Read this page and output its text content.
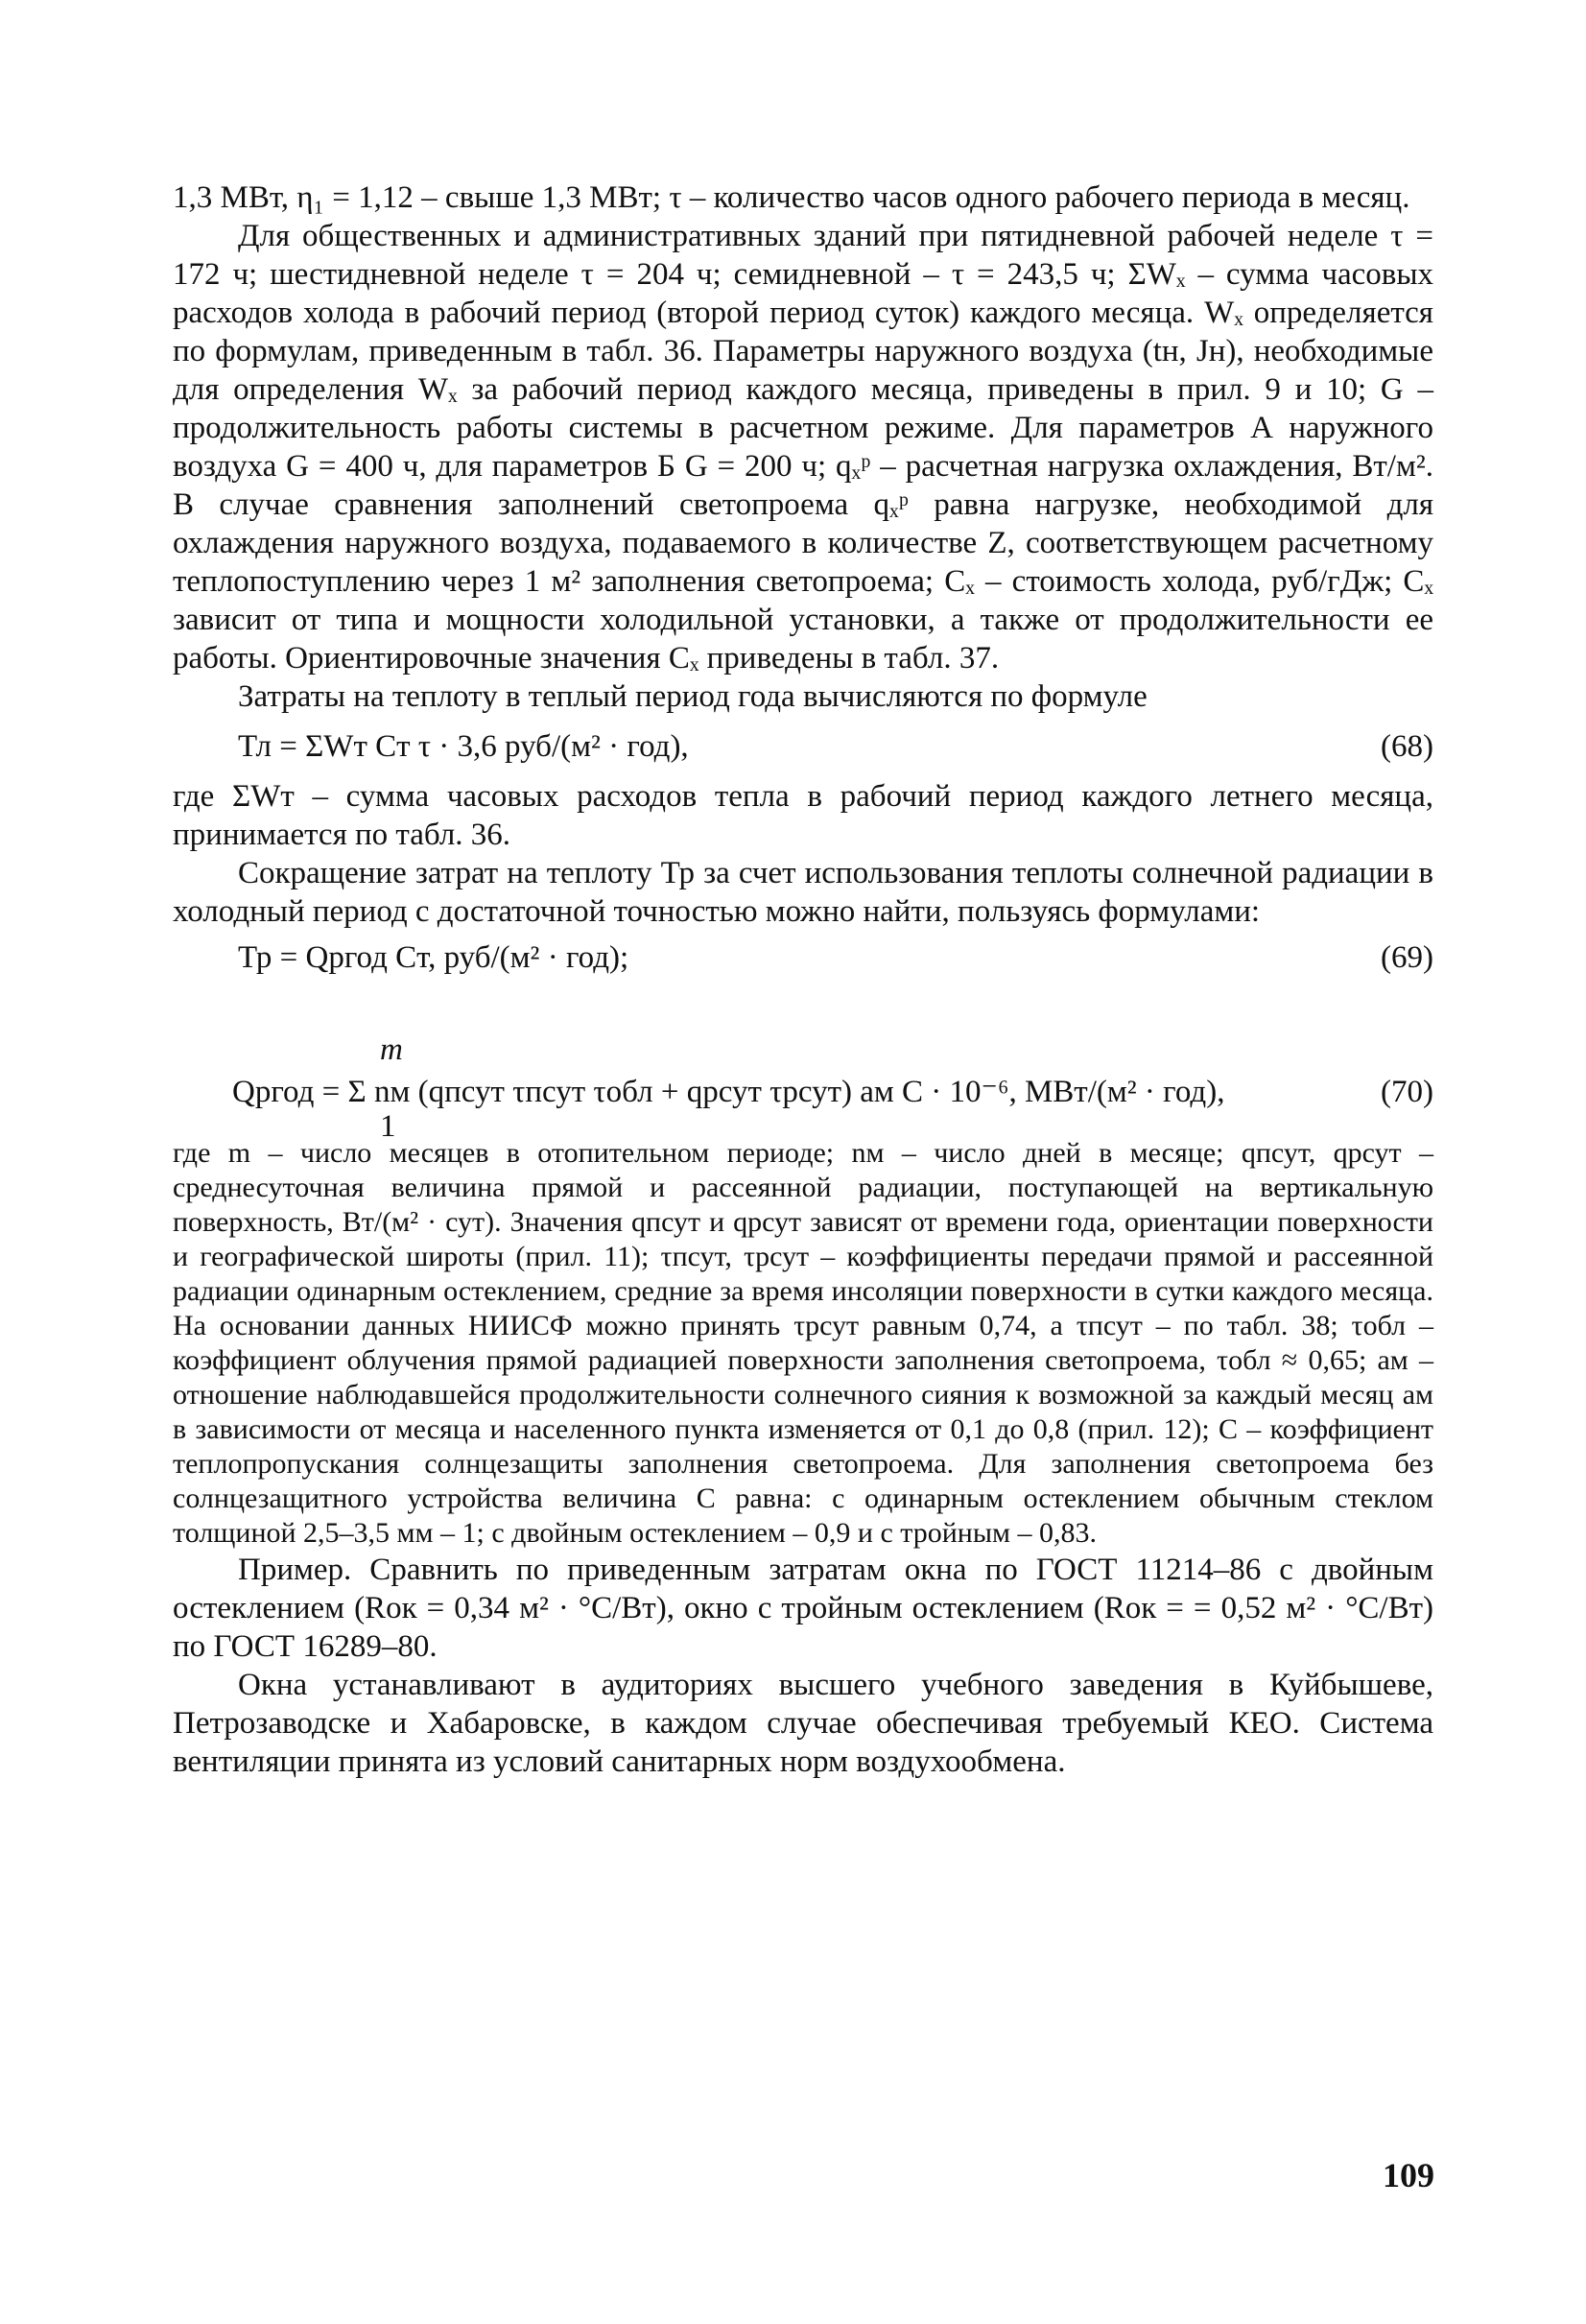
1,3 МВт, η₁ = 1,12 – свыше 1,3 МВт; τ – количество часов одного рабочего периода в месяц.

Для общественных и административных зданий при пятидневной рабочей неделе τ = 172 ч; шестидневной неделе τ = 204 ч; семидневной – τ = 243,5 ч; ΣWₓ – сумма часовых расходов холода в рабочий период (второй период суток) каждого месяца. Wₓ определяется по формулам, приведенным в табл. 36. Параметры наружного воздуха (tн, Jн), необходимые для определения Wₓ за рабочий период каждого месяца, приведены в прил. 9 и 10; G – продолжительность работы системы в расчетном режиме. Для параметров А наружного воздуха G = 400 ч, для параметров Б G = 200 ч; qₓᵖ – расчетная нагрузка охлаждения, Вт/м². В случае сравнения заполнений светопроема qₓᵖ равна нагрузке, необходимой для охлаждения наружного воздуха, подаваемого в количестве Z, соответствующем расчетному теплопоступлению через 1 м² заполнения светопроема; Cₓ – стоимость холода, руб/гДж; Cₓ зависит от типа и мощности холодильной установки, а также от продолжительности ее работы. Ориентировочные значения Cₓ приведены в табл. 37.

Затраты на теплоту в теплый период года вычисляются по формуле

Тл = ΣWт Cт τ · 3,6 руб/(м² · год),	(68)

где ΣWт – сумма часовых расходов тепла в рабочий период каждого летнего месяца, принимается по табл. 36.

Сокращение затрат на теплоту Тр за счет использования теплоты солнечной радиации в холодный период с достаточной точностью можно найти, пользуясь формулами:

Тр = Qргод Cт, руб/(м² · год);	(69)
m
Qргод = Σ nм (qпсут τпсут τобл + qрсут τрсут) aм C · 10⁻⁶, МВт/(м² · год),
1
(70)

где m – число месяцев в отопительном периоде; nм – число дней в месяце; qпсут, qрсут – среднесуточная величина прямой и рассеянной радиации, поступающей на вертикальную поверхность, Вт/(м² · сут). Значения qпсут и qрсут зависят от времени года, ориентации поверхности и географической широты (прил. 11); τпсут, τрсут – коэффициенты передачи прямой и рассеянной радиации одинарным остеклением, средние за время инсоляции поверхности в сутки каждого месяца. На основании данных НИИСФ можно принять τрсут равным 0,74, а τпсут – по табл. 38; τобл – коэффициент облучения прямой радиацией поверхности заполнения светопроема, τобл ≈ 0,65; aм – отношение наблюдавшейся продолжительности солнечного сияния к возможной за каждый месяц aм в зависимости от месяца и населенного пункта изменяется от 0,1 до 0,8 (прил. 12); C – коэффициент теплопропускания солнцезащиты заполнения светопроема. Для заполнения светопроема без солнцезащитного устройства величина C равна: с одинарным остеклением обычным стеклом толщиной 2,5–3,5 мм – 1; с двойным остеклением – 0,9 и с тройным – 0,83.

Пример. Сравнить по приведенным затратам окна по ГОСТ 11214–86 с двойным остеклением (Rок = 0,34 м² · °С/Вт), окно с тройным остеклением (Rок = = 0,52 м² · °С/Вт) по ГОСТ 16289–80.

Окна устанавливают в аудиториях высшего учебного заведения в Куйбышеве, Петрозаводске и Хабаровске, в каждом случае обеспечивая требуемый КЕО. Система вентиляции принята из условий санитарных норм воздухообмена.

109
